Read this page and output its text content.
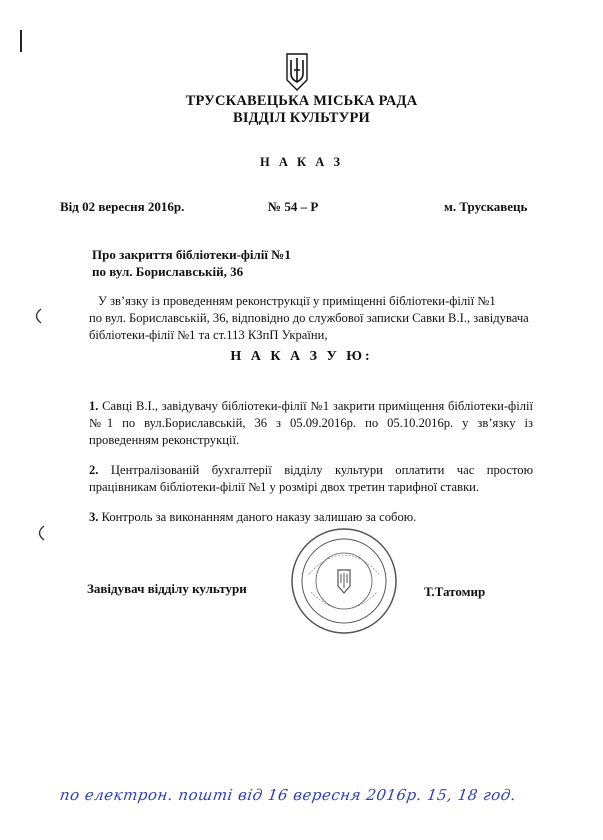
ТРУСКАВЕЦЬКА МІСЬКА РАДА
ВІДДІЛ КУЛЬТУРИ
Н А К А З
Від 02 вересня 2016р.	№ 54 – Р	м. Трускавець
Про закриття бібліотеки-філії №1
по вул. Бориславській, 36
У зв’язку із проведенням реконструкції у приміщенні бібліотеки-філії №1
по вул. Бориславській, 36, відповідно до службової записки Савки В.І., завідувача
бібліотеки-філії №1 та ст.113 КЗпП України,
Н А К А З У Ю:
1. Савці В.І., завідувачу бібліотеки-філії №1 закрити приміщення бібліотеки-філії №1 по вул.Бориславській, 36 з 05.09.2016р. по 05.10.2016р. у зв’язку із проведенням реконструкції.
2. Централізованій бухгалтерії відділу культури оплатити час простою працівникам бібліотеки-філії №1 у розмірі двох третин тарифної ставки.
3. Контроль за виконанням даного наказу залишаю за собою.
Завідувач відділу культури	Т.Татомир
по електрон. пошті від 16 вересня 2016р. 15, 18 год.
